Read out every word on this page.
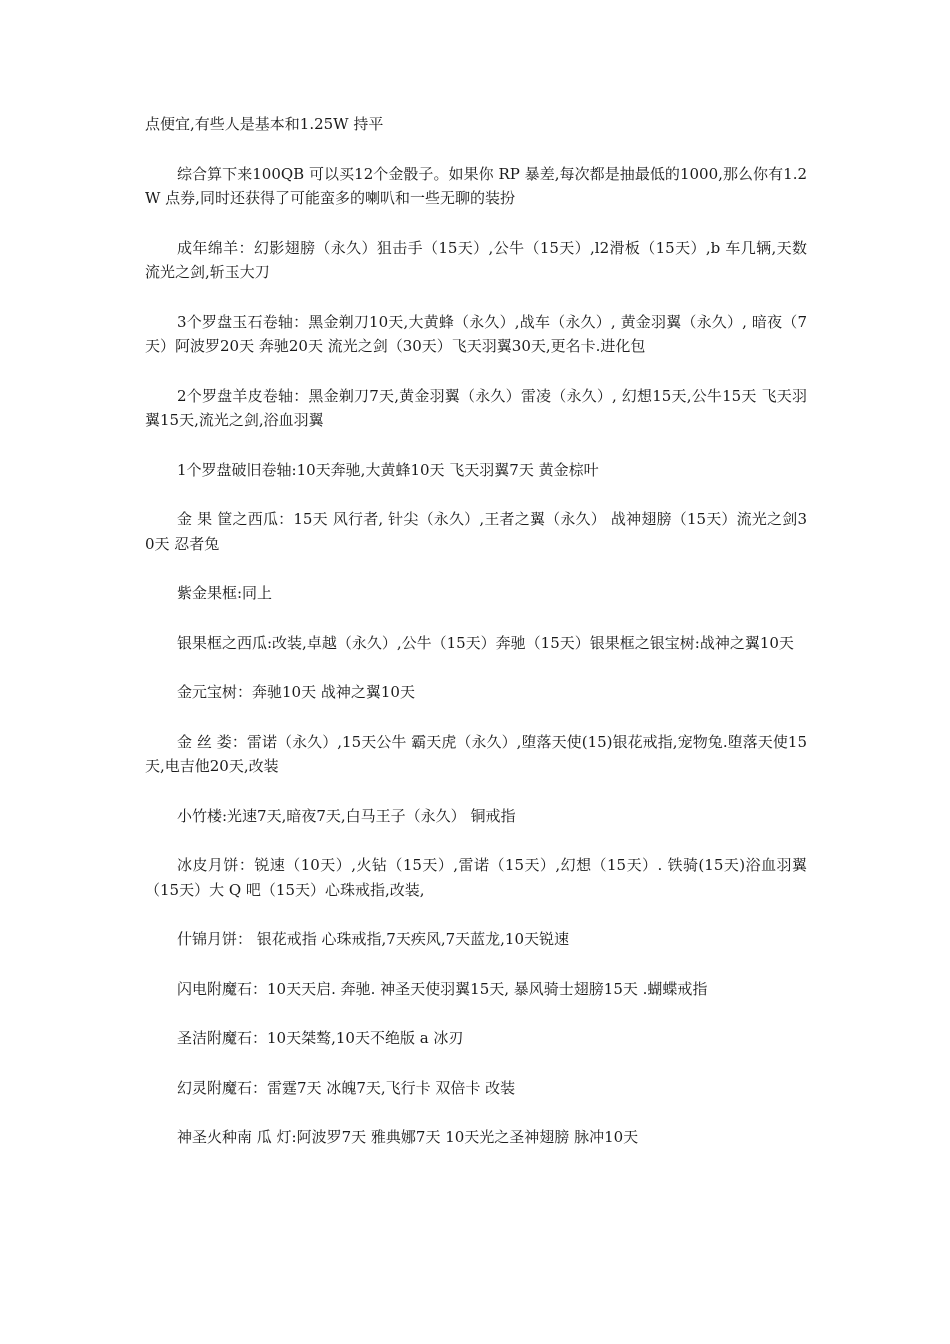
点便宜,有些人是基本和1.25W 持平

综合算下来100QB 可以买12个金骰子。如果你 RP 暴差,每次都是抽最低的1000,那么你有1.2W 点券,同时还获得了可能蛮多的喇叭和一些无聊的装扮

成年绵羊：幻影翅膀（永久）狙击手（15天）,公牛（15天）,l2滑板（15天）,b 车几辆,天数流光之剑,斩玉大刀

3个罗盘玉石卷轴：黑金剃刀10天,大黄蜂（永久）,战车（永久）, 黄金羽翼（永久）, 暗夜（7天）阿波罗20天 奔驰20天 流光之剑（30天）飞天羽翼30天,更名卡.进化包

2个罗盘羊皮卷轴：黑金剃刀7天,黄金羽翼（永久）雷凌（永久）, 幻想15天,公牛15天 飞天羽翼15天,流光之剑,浴血羽翼

1个罗盘破旧卷轴:10天奔驰,大黄蜂10天 飞天羽翼7天 黄金棕叶

金 果 筐之西瓜：15天 风行者, 针尖（永久）,王者之翼（永久） 战神翅膀（15天）流光之剑30天 忍者兔

紫金果框:同上

银果框之西瓜:改装,卓越（永久）,公牛（15天）奔驰（15天）银果框之银宝树:战神之翼10天

金元宝树：奔驰10天 战神之翼10天

金 丝 娄：雷诺（永久）,15天公牛 霸天虎（永久）,堕落天使(15)银花戒指,宠物兔.堕落天使15天,电吉他20天,改装

小竹楼:光速7天,暗夜7天,白马王子（永久） 铜戒指

冰皮月饼：锐速（10天）,火钻（15天）,雷诺（15天）,幻想（15天）. 铁骑(15天)浴血羽翼（15天）大 Q 吧（15天）心珠戒指,改装,

什锦月饼： 银花戒指 心珠戒指,7天疾风,7天蓝龙,10天锐速

闪电附魔石：10天天启. 奔驰. 神圣天使羽翼15天, 暴风骑士翅膀15天 .蝴蝶戒指

圣洁附魔石：10天桀骜,10天不绝版 a 冰刃

幻灵附魔石：雷霆7天 冰魄7天,飞行卡 双倍卡 改装

神圣火种南 瓜 灯:阿波罗7天 雅典娜7天 10天光之圣神翅膀 脉冲10天
